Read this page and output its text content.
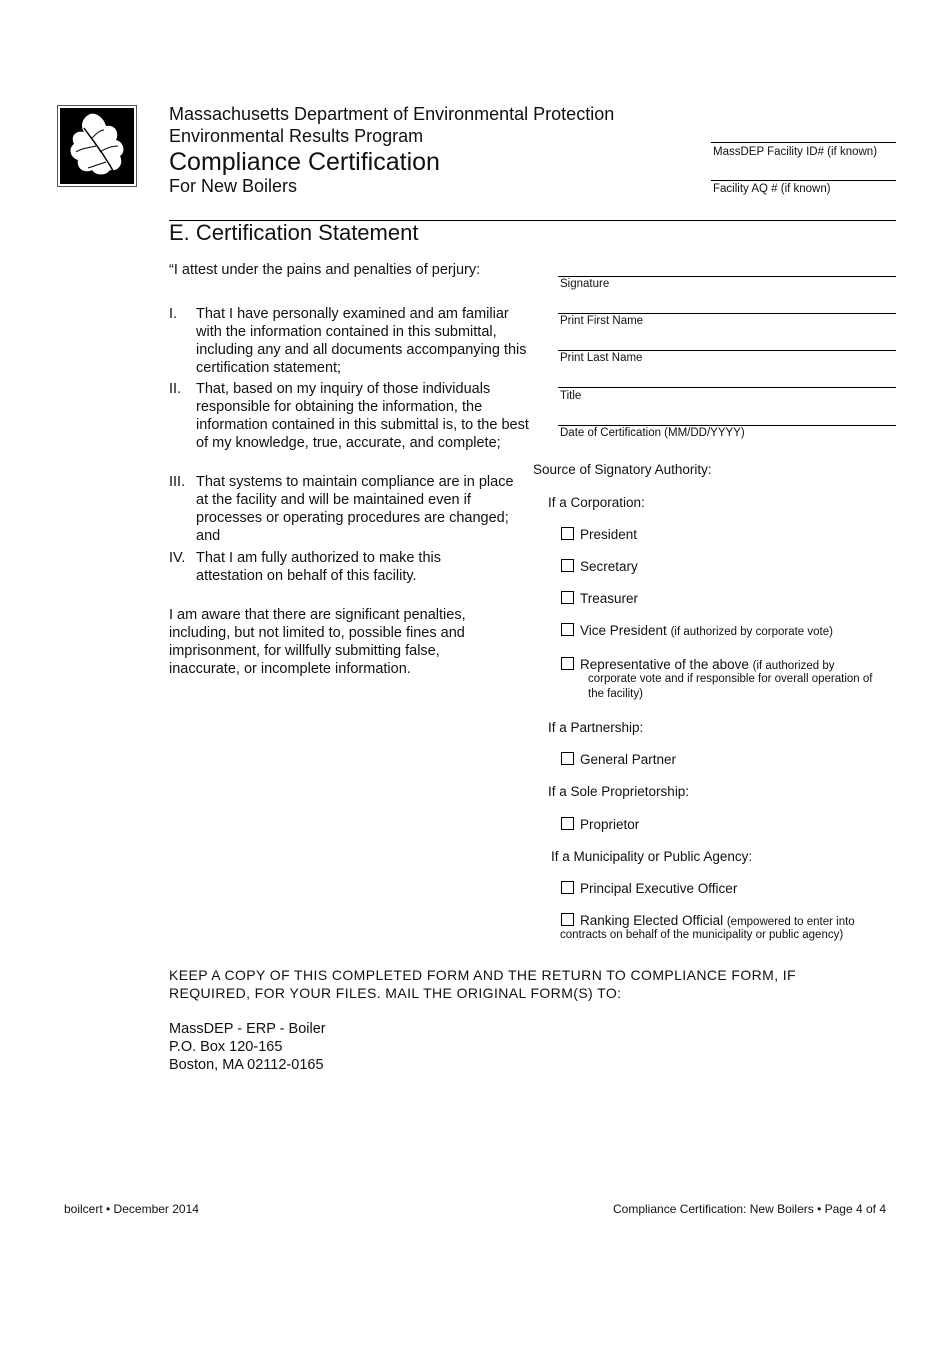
Massachusetts Department of Environmental Protection
Environmental Results Program
Compliance Certification
For New Boilers
MassDEP Facility ID# (if known)
Facility AQ # (if known)
E. Certification Statement
“I attest under the pains and penalties of perjury:
I.	That I have personally examined and am familiar with the information contained in this submittal, including any and all documents accompanying this certification statement;
II.	That, based on my inquiry of those individuals responsible for obtaining the information, the information contained in this submittal is, to the best of my knowledge, true, accurate, and complete;
III. That systems to maintain compliance are in place at the facility and will be maintained even if processes or operating procedures are changed; and
IV. That I am fully authorized to make this attestation on behalf of this facility.
I am aware that there are significant penalties, including, but not limited to, possible fines and imprisonment, for willfully submitting false, inaccurate, or incomplete information.
Signature
Print First Name
Print Last Name
Title
Date of Certification (MM/DD/YYYY)
Source of Signatory Authority:
If a Corporation:
President
Secretary
Treasurer
Vice President (if authorized by corporate vote)
Representative of the above (if authorized by
corporate vote and if responsible for overall operation of
the facility)
If a Partnership:
General Partner
If a Sole Proprietorship:
Proprietor
If a Municipality or Public Agency:
Principal Executive Officer
Ranking Elected Official (empowered to enter into
contracts on behalf of the municipality or public agency)
KEEP A COPY OF THIS COMPLETED FORM AND THE RETURN TO COMPLIANCE FORM, IF REQUIRED, FOR YOUR FILES. MAIL THE ORIGINAL FORM(S) TO:
MassDEP - ERP - Boiler
P.O. Box 120-165
Boston, MA 02112-0165
boilcert • December 2014	Compliance Certification: New Boilers • Page 4 of 4
